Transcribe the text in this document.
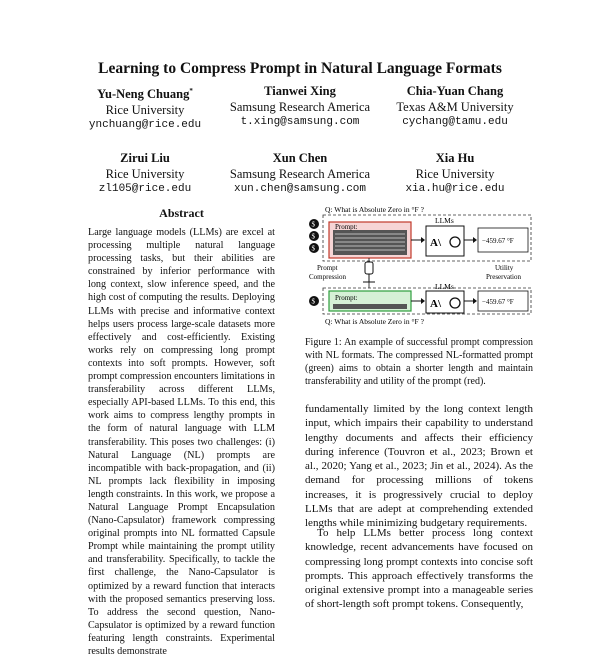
Learning to Compress Prompt in Natural Language Formats
Yu-Neng Chuang*
Rice University
ynchuang@rice.edu
Tianwei Xing
Samsung Research America
t.xing@samsung.com
Chia-Yuan Chang
Texas A&M University
cychang@tamu.edu
Zirui Liu
Rice University
zl105@rice.edu
Xun Chen
Samsung Research America
xun.chen@samsung.com
Xia Hu
Rice University
xia.hu@rice.edu
Abstract
Large language models (LLMs) are excel at processing multiple natural language processing tasks, but their abilities are constrained by inferior performance with long context, slow inference speed, and the high cost of computing the results. Deploying LLMs with precise and informative context helps users process large-scale datasets more effectively and cost-efficiently. Existing works rely on compressing long prompt contexts into soft prompts. However, soft prompt compression encounters limitations in transferability across different LLMs, especially API-based LLMs. To this end, this work aims to compress lengthy prompts in the form of natural language with LLM transferability. This poses two challenges: (i) Natural Language (NL) prompts are incompatible with back-propagation, and (ii) NL prompts lack flexibility in imposing length constraints. In this work, we propose a Natural Language Prompt Encapsulation (Nano-Capsulator) framework compressing original prompts into NL formatted Capsule Prompt while maintaining the prompt utility and transferability. Specifically, to tackle the first challenge, the Nano-Capsulator is optimized by a reward function that interacts with the proposed semantics preserving loss. To address the second question, Nano-Capsulator is optimized by a reward function featuring length constraints. Experimental results demonstrate
Q: What is Absolute Zero in °F ?
$
$
$
Prompt:
LLMs
A\	−459.67 °F
Prompt Compression
Utility Preservation
$	Prompt:
LLMs
A\	−459.67 °F
Q: What is Absolute Zero in °F ?
Figure 1: An example of successful prompt compression with NL formats. The compressed NL-formatted prompt (green) aims to obtain a shorter length and maintain transferability and utility of the prompt (red).
fundamentally limited by the long context length input, which impairs their capability to understand lengthy documents and affects their efficiency during inference (Touvron et al., 2023; Brown et al., 2020; Yang et al., 2023; Jin et al., 2024). As the demand for processing millions of tokens increases, it is progressively crucial to deploy LLMs that are adept at comprehending extended lengths while minimizing budgetary requirements.
To help LLMs better process long context knowledge, recent advancements have focused on compressing long prompt contexts into concise soft prompts. This approach effectively transforms the original extensive prompt into a manageable series of short-length soft prompt tokens. Consequently,
